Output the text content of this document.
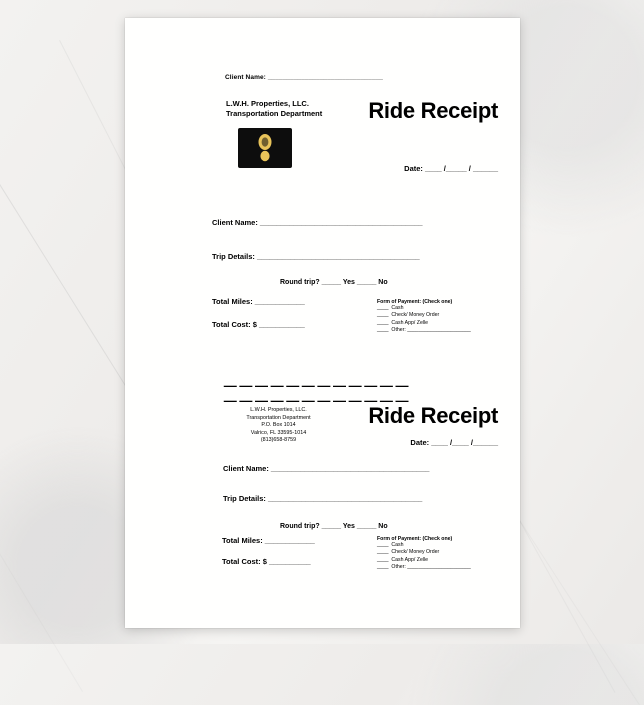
Client Name: _______________________________
L.W.H. Properties, LLC.
Transportation Department Ride Receipt
Date: ____ /_____ / ______
Client Name: _______________________________________
Trip Details: _______________________________________
Round trip? _____ Yes _____ No
Total Miles: ____________
Total Cost: $ ___________
Form of Payment: (Check one)
____  Cash
____  Check/ Money Order
____  Cash App/ Zelle
____  Other: ______________________
— — — — — — — — — — — — — — — — — — — — — — — —
L.W.H. Properties, LLC.
Transportation Department
P.O. Box 1014
Valrico, FL 33595-1014
(813)658-8759
Ride Receipt
Date: ____ /____ /______
Client Name: ______________________________________
Trip Details: _____________________________________
Round trip? _____ Yes _____ No
Total Miles: ____________
Total Cost: $ __________
Form of Payment: (Check one)
____  Cash
____  Check/ Money Order
____  Cash App/ Zelle
____  Other: ______________________
